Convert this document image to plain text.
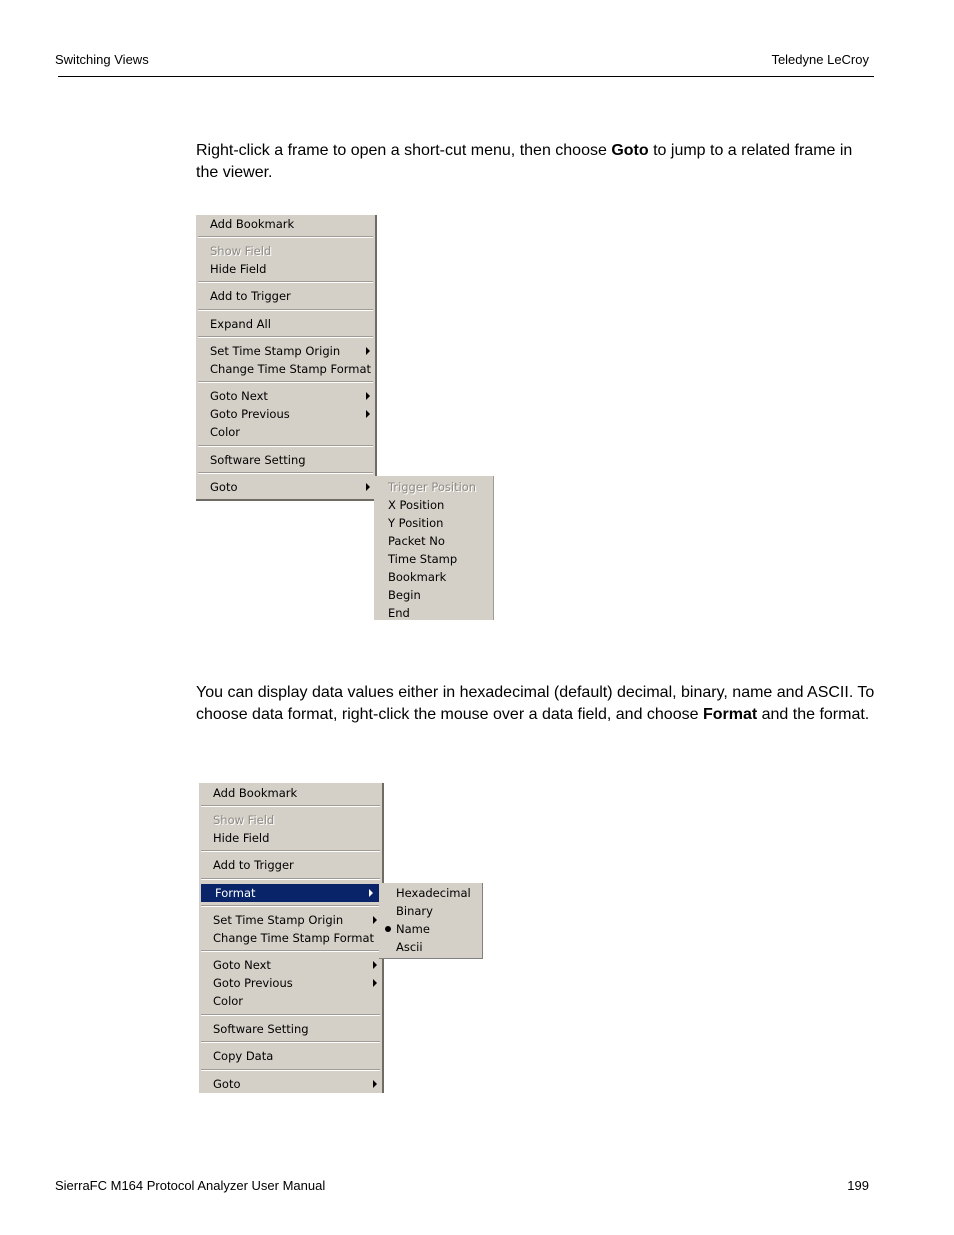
Switching Views	Teledyne LeCroy

Right-click a frame to open a short-cut menu, then choose Goto to jump to a related frame in the viewer.

Add Bookmark
Show Field
Hide Field
Add to Trigger
Expand All
Set Time Stamp Origin
Change Time Stamp Format
Goto Next
Goto Previous
Color
Software Setting
Goto	Trigger Position
X Position
Y Position
Packet No
Time Stamp
Bookmark
Begin
End

You can display data values either in hexadecimal (default) decimal, binary, name and ASCII. To choose data format, right-click the mouse over a data field, and choose Format and the format.

Add Bookmark
Show Field
Hide Field
Add to Trigger
Format
Set Time Stamp Origin
Change Time Stamp Format
Goto Next
Goto Previous
Color
Software Setting
Copy Data
Goto
Hexadecimal
Binary
Name
Ascii
SierraFC M164 Protocol Analyzer User Manual	199
